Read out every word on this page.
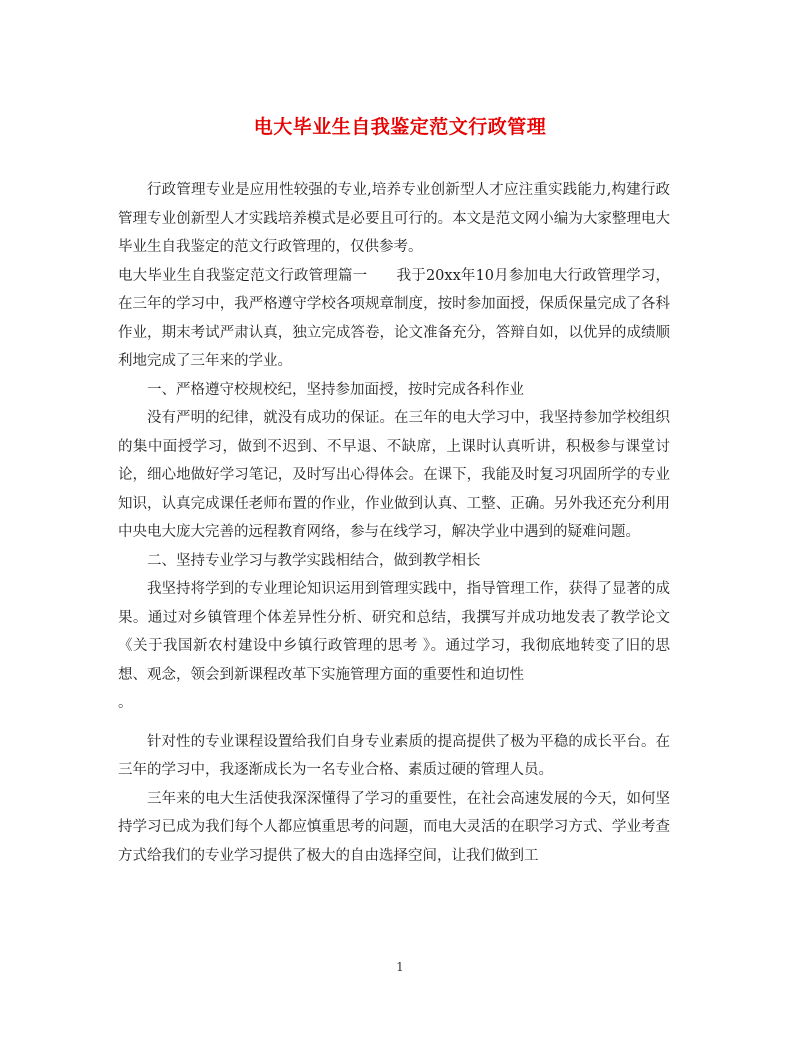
电大毕业生自我鉴定范文行政管理

行政管理专业是应用性较强的专业,培养专业创新型人才应注重实践能力,构建行政管理专业创新型人才实践培养模式是必要且可行的。本文是范文网小编为大家整理电大毕业生自我鉴定的范文行政管理的，仅供参考。

电大毕业生自我鉴定范文行政管理篇一　　我于20xx年10月参加电大行政管理学习，在三年的学习中，我严格遵守学校各项规章制度，按时参加面授，保质保量完成了各科作业，期末考试严肃认真，独立完成答卷，论文准备充分，答辩自如，以优异的成绩顺利地完成了三年来的学业。

一、严格遵守校规校纪，坚持参加面授，按时完成各科作业

没有严明的纪律，就没有成功的保证。在三年的电大学习中，我坚持参加学校组织的集中面授学习，做到不迟到、不早退、不缺席，上课时认真听讲，积极参与课堂讨论，细心地做好学习笔记，及时写出心得体会。在课下，我能及时复习巩固所学的专业知识，认真完成课任老师布置的作业，作业做到认真、工整、正确。另外我还充分利用中央电大庞大完善的远程教育网络，参与在线学习，解决学业中遇到的疑难问题。

二、坚持专业学习与教学实践相结合，做到教学相长

我坚持将学到的专业理论知识运用到管理实践中，指导管理工作，获得了显著的成果。通过对乡镇管理个体差异性分析、研究和总结，我撰写并成功地发表了教学论文《关于我国新农村建设中乡镇行政管理的思考 》。通过学习，我彻底地转变了旧的思想、观念，领会到新课程改革下实施管理方面的重要性和迫切性

。

针对性的专业课程设置给我们自身专业素质的提高提供了极为平稳的成长平台。在三年的学习中，我逐渐成长为一名专业合格、素质过硬的管理人员。

三年来的电大生活使我深深懂得了学习的重要性，在社会高速发展的今天，如何坚持学习已成为我们每个人都应慎重思考的问题，而电大灵活的在职学习方式、学业考查方式给我们的专业学习提供了极大的自由选择空间，让我们做到工

1
